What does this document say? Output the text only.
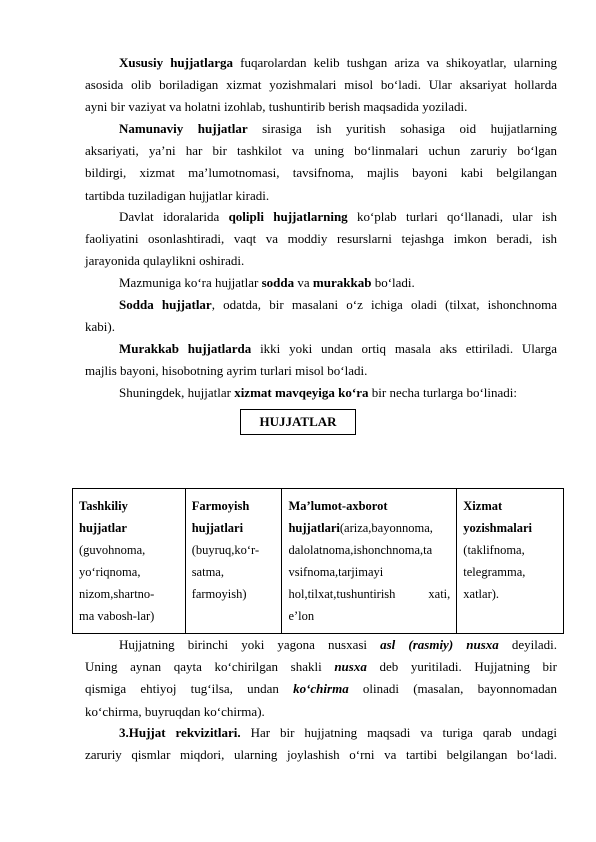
Xususiy hujjatlarga fuqarolardan kelib tushgan ariza va shikoyatlar, ularning
asosida olib boriladigan xizmat yozishmalari misol bo‘ladi. Ular aksariyat hollarda
ayni bir vaziyat va holatni izohlab, tushuntirib berish maqsadida yoziladi.
Namunaviy hujjatlar sirasiga ish yuritish sohasiga oid hujjatlarning
aksariyati, ya’ni har bir tashkilot va uning bo‘linmalari uchun zaruriy bo‘lgan
bildirgi, xizmat ma’lumotnomasi, tavsifnoma, majlis bayoni kabi belgilangan
tartibda tuziladigan hujjatlar kiradi.
Davlat idoralarida qolipli hujjatlarning ko‘plab turlari qo‘llanadi, ular ish
faoliyatini osonlashtiradi, vaqt va moddiy resurslarni tejashga imkon beradi, ish
jarayonida qulaylikni oshiradi.
Mazmuniga ko‘ra hujjatlar sodda va murakkab bo‘ladi.
Sodda hujjatlar, odatda, bir masalani o‘z ichiga oladi (tilxat, ishonchnoma
kabi).
Murakkab hujjatlarda ikki yoki undan ortiq masala aks ettiriladi. Ularga
majlis bayoni, hisobotning ayrim turlari misol bo‘ladi.
Shuningdek, hujjatlar xizmat mavqeyiga ko‘ra bir necha turlarga bo‘linadi:
HUJJATLAR
Tashkiliy
hujjatlar
(guvohnoma,
yo‘riqnoma,
nizom,shartno-
ma vabosh-lar)

Farmoyish
hujjatlari
(buyruq,ko‘r-
satma,
farmoyish)

Ma’lumot-axborot
hujjatlari(ariza,bayonnoma,
dalolatnoma,ishonchnoma,ta
vsifnoma,tarjimayi
hol,tilxat,tushuntirish      xati,
e’lon

Xizmat
yozishmalari
(taklifnoma,
telegramma,
xatlar).
Hujjatning birinchi yoki yagona nusxasi asl (rasmiy) nusxa deyiladi.
Uning aynan qayta ko‘chirilgan shakli nusxa deb yuritiladi. Hujjatning bir
qismiga ehtiyoj tug‘ilsa, undan ko‘chirma olinadi (masalan, bayonnomadan
ko‘chirma, buyruqdan ko‘chirma).
3.Hujjat rekvizitlari. Har bir hujjatning maqsadi va turiga qarab undagi
zaruriy qismlar miqdori, ularning joylashish o‘rni va tartibi belgilangan bo‘ladi.
